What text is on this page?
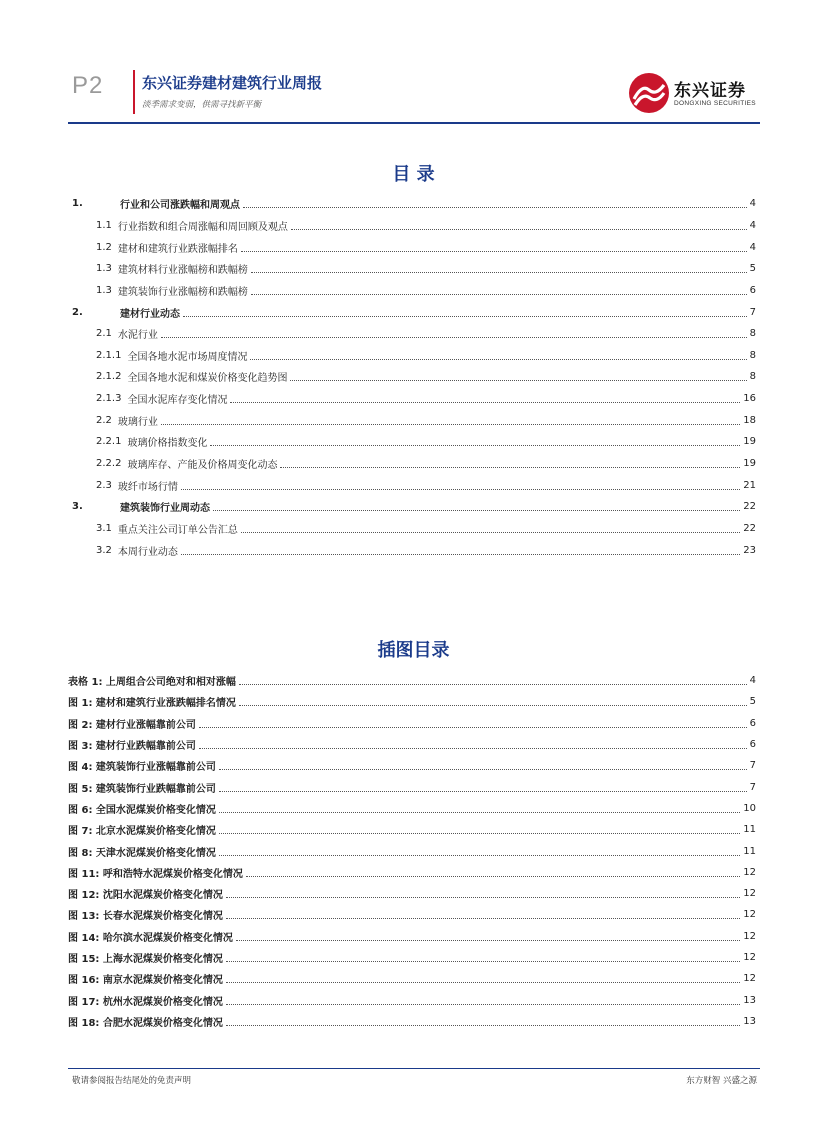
P2	东兴证券建材建筑行业周报
淡季需求变弱，供需寻找新平衡
东兴证券
DONGXING SECURITIES
目 录
1.	行业和公司涨跌幅和周观点	4
1.1 行业指数和组合周涨幅和周回顾及观点	4
1.2 建材和建筑行业跌涨幅排名	4
1.3 建筑材料行业涨幅榜和跌幅榜	5
1.3 建筑装饰行业涨幅榜和跌幅榜	6
2.	建材行业动态	7
2.1 水泥行业	8
2.1.1 全国各地水泥市场周度情况	8
2.1.2 全国各地水泥和煤炭价格变化趋势图	8
2.1.3 全国水泥库存变化情况	16
2.2 玻璃行业	18
2.2.1 玻璃价格指数变化	19
2.2.2 玻璃库存、产能及价格周变化动态	19
2.3 玻纤市场行情	21
3.	建筑装饰行业周动态	22
3.1 重点关注公司订单公告汇总	22
3.2 本周行业动态	23
插图目录
表格 1: 上周组合公司绝对和相对涨幅	4
图 1: 建材和建筑行业涨跌幅排名情况	5
图 2: 建材行业涨幅靠前公司	6
图 3: 建材行业跌幅靠前公司	6
图 4: 建筑装饰行业涨幅靠前公司	7
图 5: 建筑装饰行业跌幅靠前公司	7
图 6: 全国水泥煤炭价格变化情况	10
图 7: 北京水泥煤炭价格变化情况	11
图 8: 天津水泥煤炭价格变化情况	11
图 11: 呼和浩特水泥煤炭价格变化情况	12
图 12: 沈阳水泥煤炭价格变化情况	12
图 13: 长春水泥煤炭价格变化情况	12
图 14: 哈尔滨水泥煤炭价格变化情况	12
图 15: 上海水泥煤炭价格变化情况	12
图 16: 南京水泥煤炭价格变化情况	12
图 17: 杭州水泥煤炭价格变化情况	13
图 18: 合肥水泥煤炭价格变化情况	13
敬请参阅报告结尾处的免责声明	东方财智 兴盛之源
